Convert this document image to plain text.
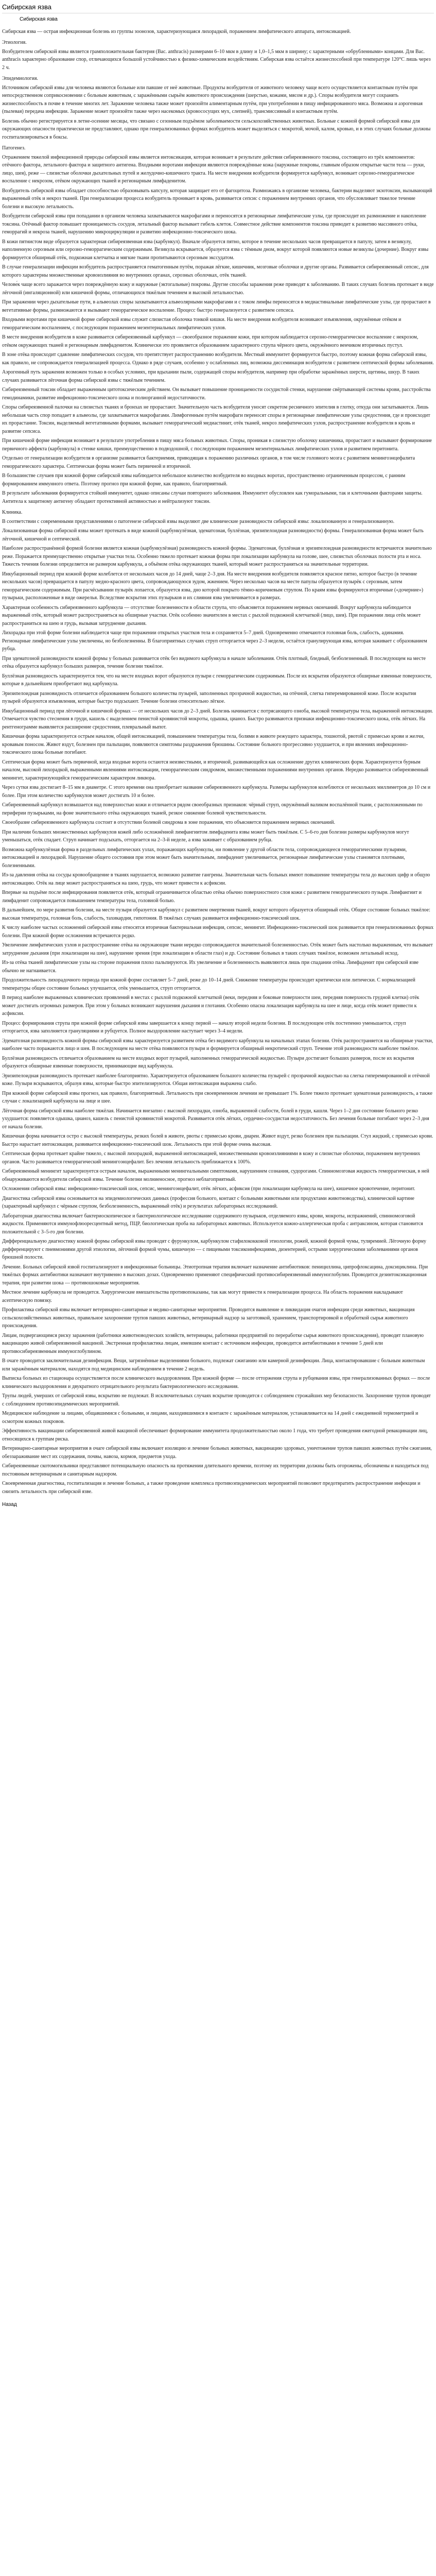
Сибирская язва
Сибирская язва
Сибирская язва — острая инфекционная болезнь из группы зоонозов, характеризующаяся лихорадкой, поражением лимфатического аппарата, интоксикацией.
Этиология.
Возбудителем сибирской язвы является грамположительная бактерия (Bac. anthracis) размерами 6–10 мкм в длину и 1,0–1,5 мкм в ширину; с характерными «обрубленными» концами. Для Bac. anthracis характерно образование спор, отличающихся большой устойчивостью к физико-химическим воздействиям. Сибирская язва остаётся жизнеспособной при температуре 120°С лишь через 2 ч.
Эпидемиология.
Источником сибирской язвы для человека являются больные или павшие от неё животные. Продукты возбудителя от животного человеку чаще всего осуществляется контактным путём при непосредственном соприкосновении с больным животным, с заражёнными сырьём животного происхождения (шерстью, кожами, мясом и др.). Споры возбудителя могут сохранять жизнеспособность в почве в течение многих лет. Заражение человека также может произойти алиментарным путём, при употреблении в пищу инфицированного мяса. Возможна и аэрогенная (пылевая) передача инфекции. Заражение может произойти также через насекомых (кровососущих мух, слепней), трансмиссивный и контактным путём.
Болезнь обычно регистрируется в летне-осенние месяцы, что связано с сезонным подъёмом заболеваемости сельскохозяйственных животных. Больные с кожной формой сибирской язвы для окружающих опасности практически не представляют, однако при генерализованных формах возбудитель может выделяться с мокротой, мочой, калом, кровью, и в этих случаях больные должны госпитализироваться в боксы.
Патогенез.
Отражением тяжелой инфекционной природы сибирской язвы является интоксикация, которая возникает в результате действия сибиреязвенного токсина, состоящего из трёх компонентов: отёчного фактора, летального фактора и защитного антигена. Входными воротами инфекции являются повреждённые кожа (наружные покровы, главным образом открытые части тела — руки, лицо, шея), реже — слизистые оболочки дыхательных путей и желудочно-кишечного тракта. На месте внедрения возбудителя формируется карбункул, возникает серозно-геморрагическое воспаление с некрозом, отёком окружающих тканей и регионарным лимфаденитом.
Возбудитель сибирской язвы обладает способностью образовывать капсулу, которая защищает его от фагоцитоза. Размножаясь в организме человека, бактерии выделяют экзотоксин, вызывающий выраженный отёк и некроз тканей. При генерализации процесса возбудитель проникает в кровь, развивается сепсис с поражением внутренних органов, что обусловливает тяжелое течение болезни и высокую летальность.
Возбудители сибирской язвы при попадании в организм человека захватываются макрофагами и переносятся в регионарные лимфатические узлы, где происходит их размножение и накопление токсина. Отёчный фактор повышает проницаемость сосудов, летальный фактор вызывает гибель клеток. Совместное действие компонентов токсина приводит к развитию массивного отёка, геморрагий и некроза тканей, нарушению микроциркуляции и развитию инфекционно-токсического шока.
В кожи пятнистом виде образуется характерная сибиреязвенная язва (карбункул). Вначале образуется пятно, которое в течение нескольких часов превращается в папулу, затем в везикулу, наполненную серозным или серозно-геморрагическим содержимым. Везикула вскрывается, образуется язва с тёмным дном, вокруг которой появляются новые везикулы (дочерние). Вокруг язвы формируется обширный отёк, подкожная клетчатка и мягкие ткани пропитываются серозным экссудатом.
В случае генерализации инфекции возбудитель распространяется гематогенным путём, поражая лёгкие, кишечник, мозговые оболочки и другие органы. Развивается сибиреязвенный сепсис, для которого характерны множественные кровоизлияния во внутренних органах, серозных оболочках, отёк тканей.
Челове́к чаще всего заражается через повреждённую кожу и наружные (эктогальные) покровы. Другие способы заражения реже приводят к заболеванию. В таких случаях болезнь протекает в виде лёгочной (ингаляционной) или кишечной формы, отличающихся тяжёлым течением и высокой летальностью.
При заражении через дыхательные пути, в альвеолах споры захватываются альвеолярными макрофагами и с током лимфы переносятся в медиастинальные лимфатические узлы, где прорастают в вегетативные формы, размножаются и вызывают геморрагическое воспаление. Процесс быстро генерализуется с развитием сепсиса.
Входными воротами при кишечной форме сибирской язвы служит слизистая оболочка тонкой кишки. На месте внедрения возбудителя возникают изъязвления, окружённые отёком и геморрагическим воспалением, с последующим поражением мезентериальных лимфатических узлов.
В месте внедрения возбудителя в коже развивается сибиреязвенный карбункул — своеобразное поражение кожи, при котором наблюдается серозно-геморрагическое воспаление с некрозом, отёком окружающих тканей и регионарным лимфаденитом. Клинически это проявляется образованием характерного струпа чёрного цвета, окружённого венчиком вторичных пустул.
В зоне отёка происходит сдавление лимфатических сосудов, что препятствует распространению возбудителя. Местный иммунитет формируется быстро, поэтому кожная форма сибирской язвы, как правило, не сопровождается генерализацией процесса. Однако в ряде случаев, особенно у ослабленных лиц, возможна диссеминация возбудителя с развитием септической формы заболевания.
Аэрогенный путь заражения возможен только в особых условиях, при вдыхании пыли, содержащей споры возбудителя, например при обработке заражённых шерсти, щетины, шкур. В таких случаях развивается лёгочная форма сибирской язвы с тяжёлым течением.
Сибиреязвенный токсин обладает выраженным цитотоксическим действием. Он вызывает повышение проницаемости сосудистой стенки, нарушение свёртывающей системы крови, расстройства гемодинамики, развитие инфекционно-токсического шока и полиорганной недостаточности.
Споры сибиреязвенной палочки на слизистых тканях и бронхах не прорастают. Значительную часть возбудителя уносят секретом ресничного эпителия в глотку, откуда они заглатываются. Лишь небольшая часть спор попадает в альвеолы, где захватывается макрофагами. Лимфогенным путём макрофаги переносят споры в регионарные лимфатические узлы средостения, где и происходит их прорастание. Токсин, выделяемый вегетативными формами, вызывает геморрагический медиастинит, отёк тканей, некроз лимфатических узлов, распространение возбудителя в кровь и развитие сепсиса.
При кишечной форме инфекция возникает в результате употребления в пищу мяса больных животных. Споры, проникая в слизистую оболочку кишечника, прорастают и вызывают формирование первичного аффекта (карбункула) в стенке кишки, преимущественно в подвздошной, с последующим поражением мезентериальных лимфатических узлов и развитием перитонита.
Отдельно от генерализации возбудителя в организме развивается бактериемия, приводящая к поражению различных органов, в том числе головного мозга с развитием менингоэнцефалита геморрагического характера. Септическая форма может быть первичной и вторичной.
В большинстве случаев при кожной форме сибирской язвы наблюдается небольшое количество возбудителя во входных воротах, пространственно ограниченным процессом, с ранним формированием иммунного ответа. Поэтому прогноз при кожной форме, как правило, благоприятный.
В результате заболевания формируется стойкий иммунитет, однако описаны случаи повторного заболевания. Иммунитет обусловлен как гуморальными, так и клеточными факторами защиты. Антитела к защитному антигену обладают протективной активностью и нейтрализуют токсин.
Клиника.
В соответствии с современными представлениями о патогенезе сибирской язвы выделяют две клинические разновидности сибирской язвы: локализованную и генерализованную.
Локализованная форма сибирской язвы может протекать в виде кожной (карбункулёзная, эдематозная, буллёзная, эризипелоидная разновидности) формы. Генерализованная форма может быть лёгочной, кишечной и септической.
Наиболее распространённой формой болезни является кожная (карбункулёзная) разновидность кожной формы. Эдематозная, буллёзная и эризипелоидная разновидности встречаются значительно реже. Поражается преимущественно открытые участки тела. Особенно тяжело протекает кожная форма при локализации карбункула на голове, шее, слизистых оболочках полости рта и носа. Тяжесть течения болезни определяется не размером карбункула, а объёмом отёка окружающих тканей, который может распространяться на значительные территории.
Инкубационный период при кожной форме колеблется от нескольких часов до 14 дней, чаще 2–3 дня. На месте внедрения возбудителя появляется красное пятно, которое быстро (в течение нескольких часов) превращается в папулу медно-красного цвета, сопровождающуюся зудом, жжением. Через несколько часов на месте папулы образуется пузырёк с серозным, затем геморрагическим содержимым. При расчёсывании пузырёк лопается, образуется язва, дно которой покрыто тёмно-коричневым струпом. По краям язвы формируются вторичные («дочерние») пузырьки, расположенные в виде ожерелья. Вследствие вскрытия этих пузырьков и их слияния язва увеличивается в размерах.
Характерная особенность сибиреязвенного карбункула — отсутствие болезненности в области струпа, что объясняется поражением нервных окончаний. Вокруг карбункула наблюдается выраженный отёк, который может распространяться на обширные участки. Отёк особенно значителен в местах с рыхлой подкожной клетчаткой (лицо, шея). При поражении лица отёк может распространиться на шею и грудь, вызывая затруднение дыхания.
Лихорадка при этой форме болезни наблюдается чаще при поражении открытых участков тела и сохраняется 5–7 дней. Одновременно отмечаются головная боль, слабость, адинамия. Регионарные лимфатические узлы увеличены, но безболезненны. В благоприятных случаях струп отторгается через 2–3 недели, остаётся гранулирующая язва, которая заживает с образованием рубца.
При эдематозной разновидности кожной формы у больных развивается отёк без видимого карбункула в начале заболевания. Отёк плотный, бледный, безболезненный. В последующем на месте отёка образуется карбункул больших размеров, течение болезни тяжёлое.
Буллёзная разновидность характеризуется тем, что на месте входных ворот образуются пузыри с геморрагическим содержимым. После их вскрытия образуются обширные язвенные поверхности, которые в дальнейшем приобретают вид карбункула.
Эризипелоидная разновидность отличается образованием большого количества пузырей, заполненных прозрачной жидкостью, на отёчной, слегка гиперемированной коже. После вскрытия пузырей образуются изъязвления, которые быстро подсыхают. Течение болезни относительно лёгкое.
Инкубационный период при лёгочной и кишечной формах — от нескольких часов до 2–3 дней. Болезнь начинается с потрясающего озноба, высокой температуры тела, выраженной интоксикации. Отмечается чувство стеснения в груди, кашель с выделением пенистой кровянистой мокроты, одышка, цианоз. Быстро развиваются признаки инфекционно-токсического шока, отёк лёгких. На рентгенограмме выявляется расширение средостения, плевральный выпот.
Кишечная форма характеризуется острым началом, общей интоксикацией, повышением температуры тела, болями в животе режущего характера, тошнотой, рвотой с примесью крови и желчи, кровавым поносом. Живот вздут, болезнен при пальпации, появляются симптомы раздражения брюшины. Состояние больного прогрессивно ухудшается, и при явлениях инфекционно-токсического шока больные погибают.
Септическая форма может быть первичной, когда входные ворота остаются неизвестными, и вторичной, развивающейся как осложнение других клинических форм. Характеризуется бурным началом, высокой лихорадкой, выраженными явлениями интоксикации, геморрагическим синдромом, множественными поражениями внутренних органов. Нередко развивается сибиреязвенный менингит, характеризующийся геморрагическим характером ликвора.
Через сутки язва достигает 8–15 мм в диаметре. С этого времени она приобретает название сибиреязвенного карбункула. Размеры карбункулов колеблются от нескольких миллиметров до 10 см и более. При этом количество карбункулов может достигать 10 и более.
Сибиреязвенный карбункул возвышается над поверхностью кожи и отличается рядом своеобразных признаков: чёрный струп, окружённый валиком воспалённой ткани, с расположенными по периферии пузырьками, на фоне значительного отёка окружающих тканей, резкое снижение болевой чувствительности.
Своеобразие сибиреязвенного карбункула состоит в отсутствии болевой синдрома в зоне поражения, что объясняется поражением нервных окончаний.
При наличии больших множественных карбункулов кожей либо осложнённой лимфангиитом лимфаденита язвы может быть тяжёлым. С 5–6-го дня болезни размеры карбункулов могут уменьшаться, отёк спадает. Струп начинает подсыхать, отторгается на 2–3-й неделе, а язва заживает с образованием рубца.
Возможна карбункулёзная форма в раздельных лимфатических узлах, поражающих карбункулы, ни появление у другой области тела, сопровождающееся геморрагическими пузырями, интоксикацией и лихорадкой. Нарушение общего состояния при этом может быть значительным, лимфаденит увеличивается, регионарные лимфатические узлы становятся плотными, болезненными.
Из-за давления отёка на сосуды кровообращение в тканях нарушается, возможно развитие гангрены. Значительная часть больных имеют повышение температуры тела до высоких цифр и общую интоксикацию. Отёк на лице может распространяться на шею, грудь, что может привести к асфиксии.
Впервые на подъёме после инфицирования появляется отёк, который ограничивается областью отёка обычно поверхностного слоя кожи с развитием геморрагического пузыря. Лимфангиит и лимфаденит сопровождается повышением температуры тела, головной болью.
В дальнейшем, по мере развития болезни, на месте пузыря образуется карбункул с развитием омертвения тканей, вокруг которого образуется обширный отёк. Общее состояние больных тяжёлое: высокая температура, головная боль, слабость, тахикардия, гипотония. В тяжёлых случаях развивается инфекционно-токсический шок.
К числу наиболее частых осложнений сибирской язвы относятся вторичная бактериальная инфекция, сепсис, менингит. Инфекционно-токсический шок развивается при генерализованных формах болезни. При кожной форме осложнения встречаются редко.
Увеличение лимфатических узлов и распространение отёка на окружающие ткани нередко сопровождаются значительной болезненностью. Отёк может быть настолько выраженным, что вызывает затруднение дыхания (при локализации на шее), нарушение зрения (при локализации в области глаз) и др. Состояние больных в таких случаях тяжёлое, возможен летальный исход.
Из-за отёка тканей лимфатические узлы на стороне поражения плохо пальпируются. Их увеличение и болезненность выявляются лишь при спадании отёка. Лимфаденит при сибирской язве обычно не нагнаивается.
Продолжительность лихорадочного периода при кожной форме составляет 5–7 дней, реже до 10–14 дней. Снижение температуры происходит критически или литически. С нормализацией температуры общее состояние больных улучшается, отёк уменьшается, струп отторгается.
В период наиболее выраженных клинических проявлений в местах с рыхлой подкожной клетчаткой (веки, передняя и боковые поверхности шеи, передняя поверхность грудной клетки) отёк может достигать огромных размеров. При этом у больных возникают нарушения дыхания и глотания. Особенно опасна локализация карбункула на шее и лице, когда отёк может привести к асфиксии.
Процесс формирования струпа при кожной форме сибирской язвы завершается к концу первой — началу второй недели болезни. В последующем отёк постепенно уменьшается, струп отторгается, язва заполняется грануляциями и рубцуется. Полное выздоровление наступает через 3–4 недели.
Эдематозная разновидность кожной формы сибирской язвы характеризуется развитием отёка без видимого карбункула на начальных этапах болезни. Отёк распространяется на обширные участки, наиболее часто поражаются лицо и шея. В последующем на месте отёка появляются пузыри и формируется обширный некротический струп. Течение этой разновидности наиболее тяжёлое.
Буллёзная разновидность отличается образованием на месте входных ворот пузырей, наполненных геморрагической жидкостью. Пузыри достигают больших размеров, после их вскрытия образуются обширные язвенные поверхности, принимающие вид карбункула.
Эризипелоидная разновидность протекает наиболее благоприятно. Характеризуется образованием большого количества пузырей с прозрачной жидкостью на слегка гиперемированной и отёчной коже. Пузыри вскрываются, образуя язвы, которые быстро эпителизируются. Общая интоксикация выражена слабо.
При кожной форме сибирской язвы прогноз, как правило, благоприятный. Летальность при своевременном лечении не превышает 1%. Более тяжело протекает эдематозная разновидность, а также случаи с локализацией карбункула на лице и шее.
Лёгочная форма сибирской язвы наиболее тяжёлая. Начинается внезапно с высокой лихорадки, озноба, выраженной слабости, болей в груди, кашля. Через 1–2 дня состояние больного резко ухудшается: появляется одышка, цианоз, кашель с пенистой кровянистой мокротой. Развивается отёк лёгких, сердечно-сосудистая недостаточность. Без лечения больные погибают через 2–3 дня от начала болезни.
Кишечная форма начинается остро с высокой температуры, резких болей в животе, рвоты с примесью крови, диареи. Живот вздут, резко болезнен при пальпации. Стул жидкий, с примесью крови. Быстро нарастает интоксикация, развивается инфекционно-токсический шок. Летальность при этой форме очень высокая.
Септическая форма протекает крайне тяжело, с высокой лихорадкой, выраженной интоксикацией, множественными кровоизлияниями в кожу и слизистые оболочки, поражением внутренних органов. Часто развивается геморрагический менингоэнцефалит. Без лечения летальность приближается к 100%.
Сибиреязвенный менингит характеризуется острым началом, выраженными менингеальными симптомами, нарушением сознания, судорогами. Спинномозговая жидкость геморрагическая, в ней обнаруживаются возбудители сибирской язвы. Течение болезни молниеносное, прогноз неблагоприятный.
Осложнения сибирской язвы: инфекционно-токсический шок, сепсис, менингоэнцефалит, отёк лёгких, асфиксия (при локализации карбункула на шее), кишечное кровотечение, перитонит.
Диагностика сибирской язвы основывается на эпидемиологических данных (профессия больного, контакт с больными животными или продуктами животноводства), клинической картине (характерный карбункул с чёрным струпом, безболезненность, выраженный отёк) и результатах лабораторных исследований.
Лабораторная диагностика включает бактериоскопическое и бактериологическое исследование содержимого пузырьков, отделяемого язвы, крови, мокроты, испражнений, спинномозговой жидкости. Применяются иммунофлюоресцентный метод, ПЦР, биологическая проба на лабораторных животных. Используется кожно-аллергическая проба с антраксином, которая становится положительной с 3–5-го дня болезни.
Дифференциальную диагностику кожной формы сибирской язвы проводят с фурункулом, карбункулом стафилококковой этиологии, рожей, кожной формой чумы, туляремией. Лёгочную форму дифференцируют с пневмониями другой этиологии, лёгочной формой чумы, кишечную — с пищевыми токсикоинфекциями, дизентерией, острыми хирургическими заболеваниями органов брюшной полости.
Лечение. Больных сибирской язвой госпитализируют в инфекционные больницы. Этиотропная терапия включает назначение антибиотиков: пенициллина, ципрофлоксацина, доксициклина. При тяжёлых формах антибиотики назначают внутривенно в высоких дозах. Одновременно применяют специфический противосибиреязвенный иммуноглобулин. Проводится дезинтоксикационная терапия, при развитии шока — противошоковые мероприятия.
Местное лечение карбункула не проводится. Хирургические вмешательства противопоказаны, так как могут привести к генерализации процесса. На область поражения накладывают асептическую повязку.
Профилактика сибирской язвы включает ветеринарно-санитарные и медико-санитарные мероприятия. Проводится выявление и ликвидация очагов инфекции среди животных, вакцинация сельскохозяйственных животных, правильное захоронение трупов павших животных, ветеринарный надзор за заготовкой, хранением, транспортировкой и обработкой сырья животного происхождения.
Лицам, подвергающимся риску заражения (работники животноводческих хозяйств, ветеринары, работники предприятий по переработке сырья животного происхождения), проводят плановую вакцинацию живой сибиреязвенной вакциной. Экстренная профилактика лицам, имевшим контакт с источником инфекции, проводится антибиотиками в течение 5 дней или противосибиреязвенным иммуноглобулином.
В очаге проводится заключительная дезинфекция. Вещи, загрязнённые выделениями больного, подлежат сжиганию или камерной дезинфекции. Лица, контактировавшие с больным животным или заражённым материалом, находятся под медицинским наблюдением в течение 2 недель.
Выписка больных из стационара осуществляется после клинического выздоровления. При кожной форме — после отторжения струпа и рубцевания язвы, при генерализованных формах — после клинического выздоровления и двукратного отрицательного результата бактериологического исследования.
Трупы людей, умерших от сибирской язвы, вскрытию не подлежат. В исключительных случаях вскрытие проводится с соблюдением строжайших мер безопасности. Захоронение трупов проводят с соблюдением противоэпидемических мероприятий.
Медицинское наблюдение за лицами, общавшимися с больными, и лицами, находившимися в контакте с заражённым материалом, устанавливается на 14 дней с ежедневной термометрией и осмотром кожных покровов.
Эффективность вакцинации сибиреязвенной живой вакциной обеспечивает формирование иммунитета продолжительностью около 1 года, что требует проведения ежегодной ревакцинации лиц, относящихся к группам риска.
Ветеринарно-санитарные мероприятия в очаге сибирской язвы включают изоляцию и лечение больных животных, вакцинацию здоровых, уничтожение трупов павших животных путём сжигания, обеззараживание мест их содержания, почвы, навоза, кормов, предметов ухода.
Сибиреязвенные скотомогильники представляют потенциальную опасность на протяжении длительного времени, поэтому их территории должны быть огорожены, обозначены и находиться под постоянным ветеринарным и санитарным надзором.
Своевременная диагностика, госпитализация и лечение больных, а также проведение комплекса противоэпидемических мероприятий позволяют предотвратить распространение инфекции и снизить летальность при сибирской язве.
Назад
